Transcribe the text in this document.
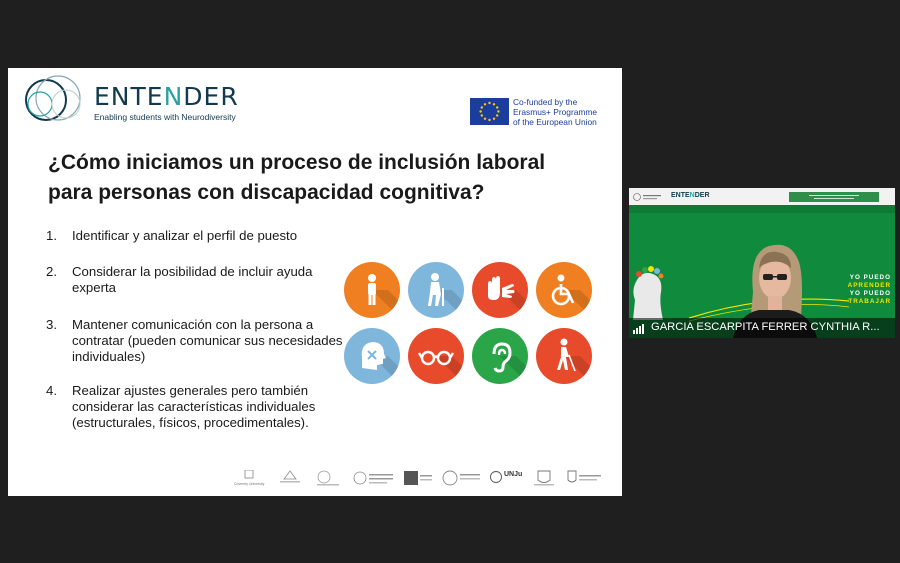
ENTENDER
Enabling students with Neurodiversity
Co-funded by the
Erasmus+ Programme
of the European Union
¿Cómo iniciamos un proceso de inclusión laboral
para personas con discapacidad cognitiva?
1. Identificar y analizar el perfil de puesto
2. Considerar la posibilidad de incluir ayuda experta
3. Mantener comunicación con la persona a contratar (pueden comunicar sus necesidades individuales)
4. Realizar ajustes generales pero también considerar las características individuales (estructurales, físicos, procedimentales).
Coventry University
UNJu
ENTENDER
YO PUEDO
APRENDER
YO PUEDO
TRABAJAR
GARCIA ESCARPITA FERRER CYNTHIA R...
